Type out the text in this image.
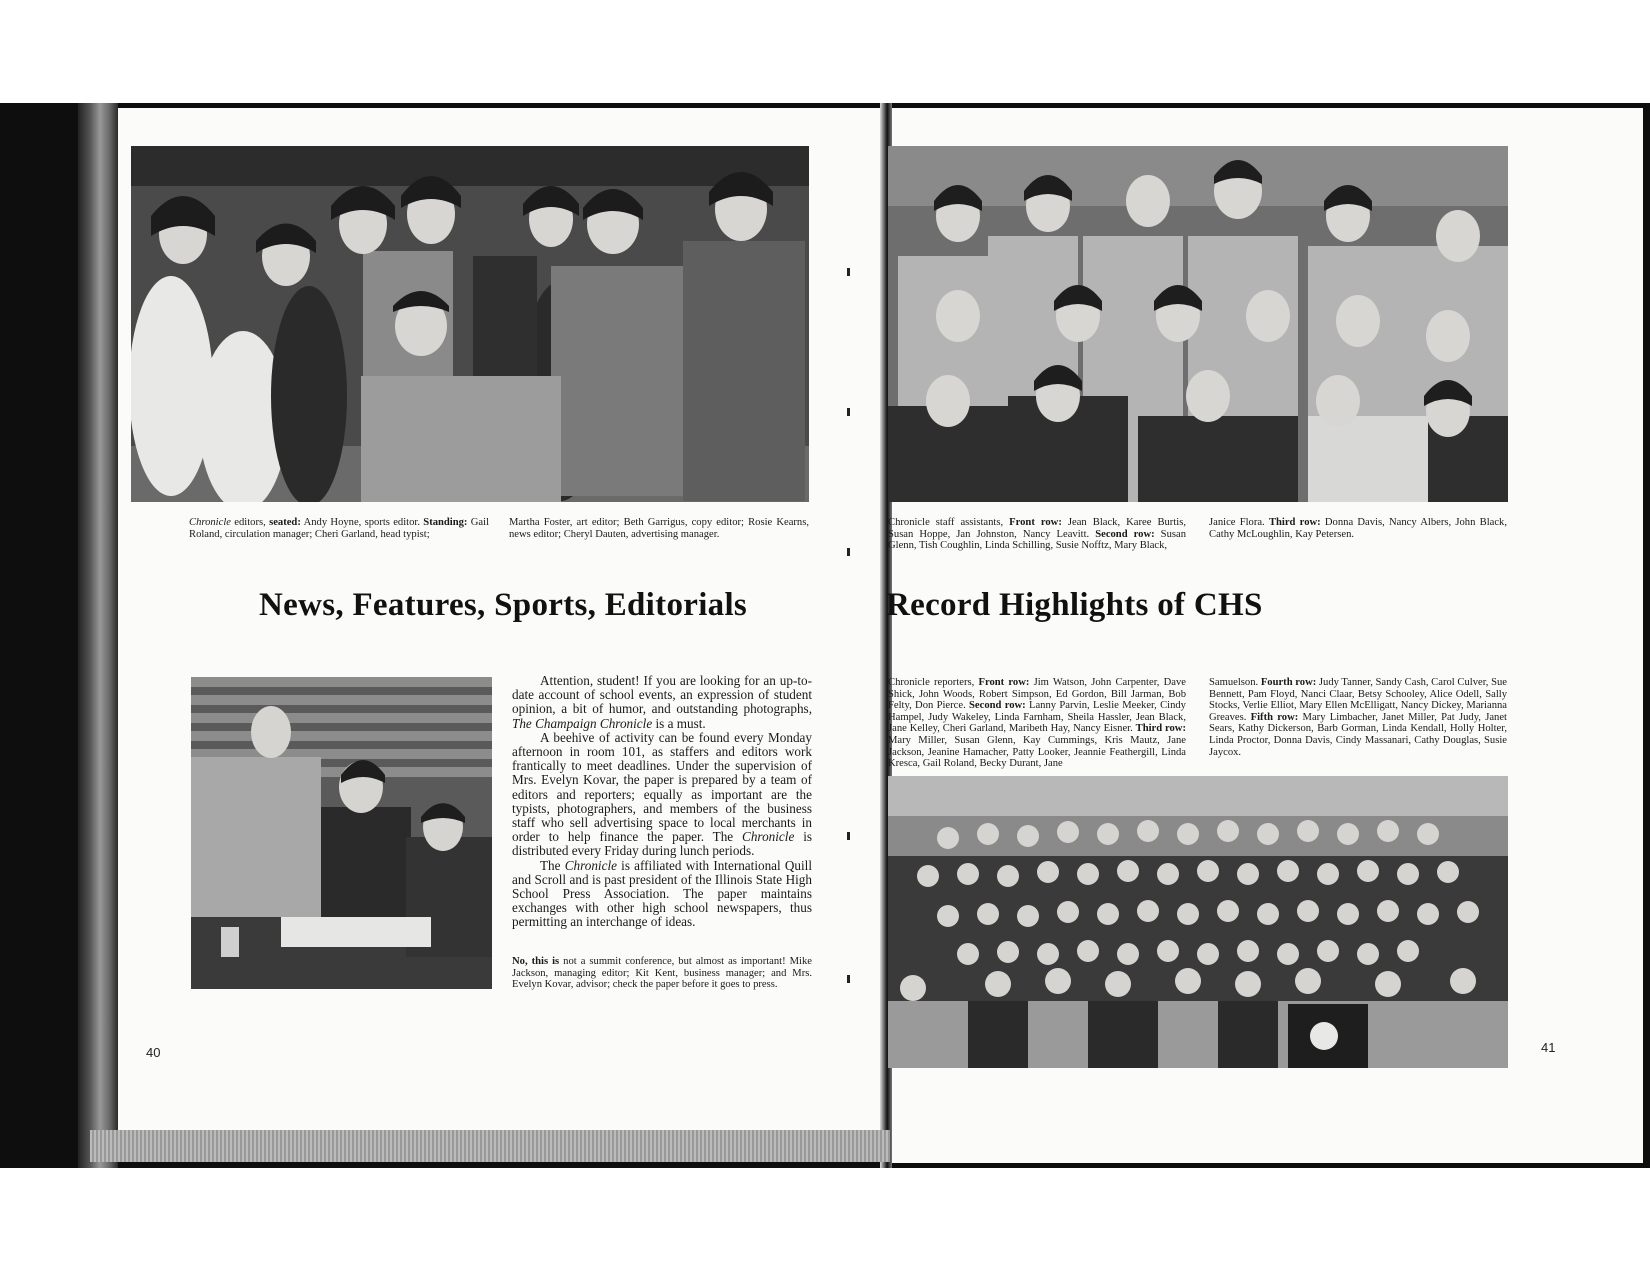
Chronicle editors, seated: Andy Hoyne, sports editor. Standing: Gail Roland, circulation manager; Cheri Garland, head typist;
Martha Foster, art editor; Beth Garrigus, copy editor; Rosie Kearns, news editor; Cheryl Dauten, advertising manager.
News, Features, Sports, Editorials

Attention, student! If you are looking for an up-to-date account of school events, an expression of student opinion, a bit of humor, and outstanding photographs, The Champaign Chronicle is a must.

A beehive of activity can be found every Monday afternoon in room 101, as staffers and editors work frantically to meet deadlines. Under the supervision of Mrs. Evelyn Kovar, the paper is prepared by a team of editors and reporters; equally as important are the typists, photographers, and members of the business staff who sell advertising space to local merchants in order to help finance the paper. The Chronicle is distributed every Friday during lunch periods.

The Chronicle is affiliated with International Quill and Scroll and is past president of the Illinois State High School Press Association. The paper maintains exchanges with other high school newspapers, thus permitting an interchange of ideas.

No, this is not a summit conference, but almost as important! Mike Jackson, managing editor; Kit Kent, business manager; and Mrs. Evelyn Kovar, advisor; check the paper before it goes to press.
40
Chronicle staff assistants, Front row: Jean Black, Karee Burtis, Susan Hoppe, Jan Johnston, Nancy Leavitt. Second row: Susan Glenn, Tish Coughlin, Linda Schilling, Susie Nofftz, Mary Black,
Janice Flora. Third row: Donna Davis, Nancy Albers, John Black, Cathy McLoughlin, Kay Petersen.
Record Highlights of CHS
Chronicle reporters, Front row: Jim Watson, John Carpenter, Dave Shick, John Woods, Robert Simpson, Ed Gordon, Bill Jarman, Bob Felty, Don Pierce. Second row: Lanny Parvin, Leslie Meeker, Cindy Hampel, Judy Wakeley, Linda Farnham, Sheila Hassler, Jean Black, Jane Kelley, Cheri Garland, Maribeth Hay, Nancy Eisner. Third row: Mary Miller, Susan Glenn, Kay Cummings, Kris Mautz, Jane Jackson, Jeanine Hamacher, Patty Looker, Jeannie Feathergill, Linda Kresca, Gail Roland, Becky Durant, Jane
Samuelson. Fourth row: Judy Tanner, Sandy Cash, Carol Culver, Sue Bennett, Pam Floyd, Nanci Claar, Betsy Schooley, Alice Odell, Sally Stocks, Verlie Elliot, Mary Ellen McElligatt, Nancy Dickey, Marianna Greaves. Fifth row: Mary Limbacher, Janet Miller, Pat Judy, Janet Sears, Kathy Dickerson, Barb Gorman, Linda Kendall, Holly Holter, Linda Proctor, Donna Davis, Cindy Massanari, Cathy Douglas, Susie Jaycox.
41
